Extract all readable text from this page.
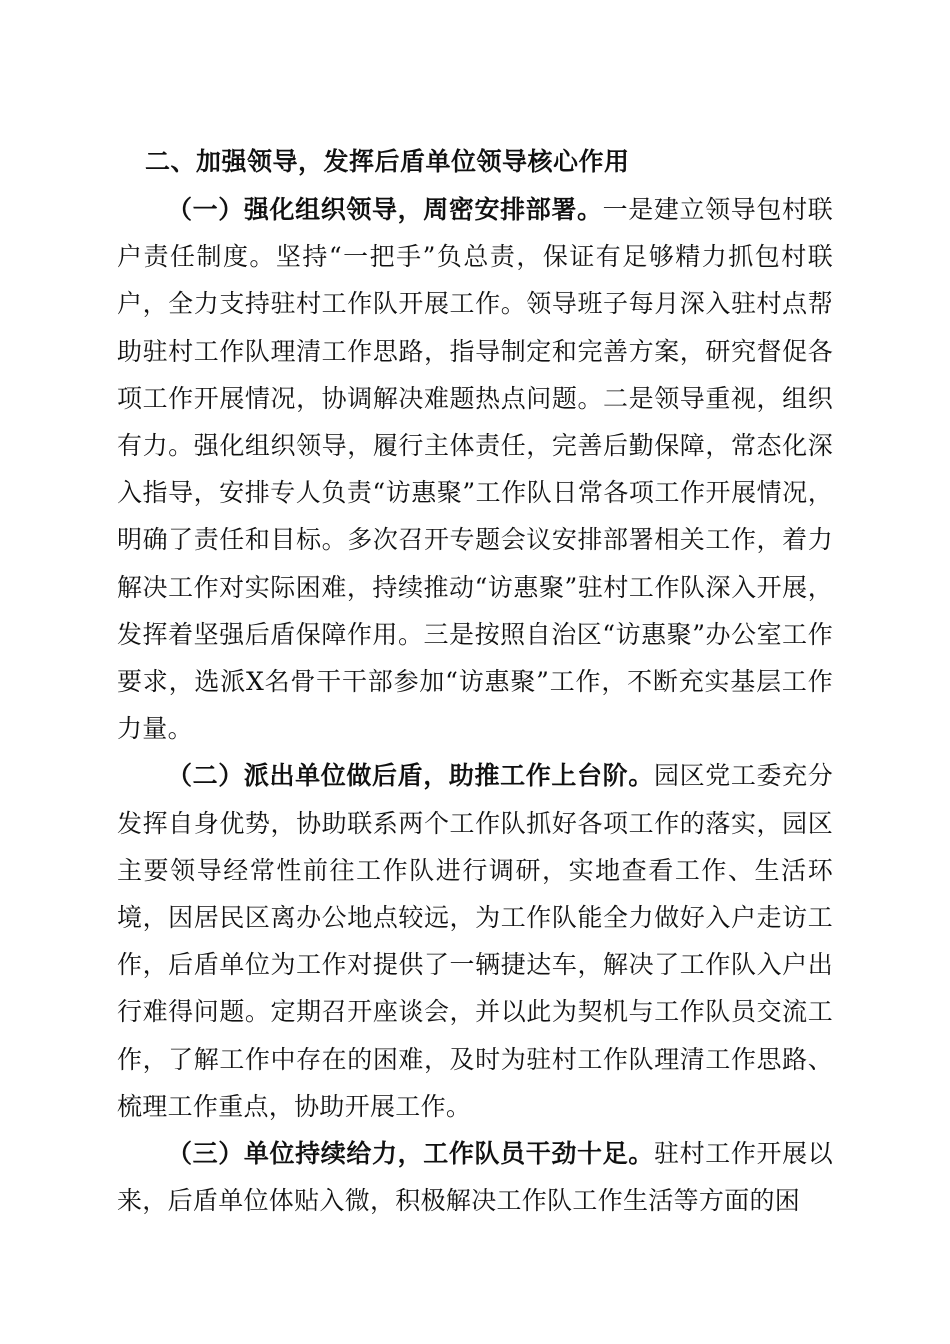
二、加强领导，发挥后盾单位领导核心作用

（一）强化组织领导，周密安排部署。一是建立领导包村联户责任制度。坚持“一把手”负总责，保证有足够精力抓包村联户，全力支持驻村工作队开展工作。领导班子每月深入驻村点帮助驻村工作队理清工作思路，指导制定和完善方案，研究督促各项工作开展情况，协调解决难题热点问题。二是领导重视，组织有力。强化组织领导，履行主体责任，完善后勤保障，常态化深入指导，安排专人负责“访惠聚”工作队日常各项工作开展情况，明确了责任和目标。多次召开专题会议安排部署相关工作，着力解决工作对实际困难，持续推动“访惠聚”驻村工作队深入开展，发挥着坚强后盾保障作用。三是按照自治区“访惠聚”办公室工作要求，选派X名骨干干部参加“访惠聚”工作，不断充实基层工作力量。

（二）派出单位做后盾，助推工作上台阶。园区党工委充分发挥自身优势，协助联系两个工作队抓好各项工作的落实，园区主要领导经常性前往工作队进行调研，实地查看工作、生活环境，因居民区离办公地点较远，为工作队能全力做好入户走访工作，后盾单位为工作对提供了一辆捷达车，解决了工作队入户出行难得问题。定期召开座谈会，并以此为契机与工作队员交流工作，了解工作中存在的困难，及时为驻村工作队理清工作思路、梳理工作重点，协助开展工作。

（三）单位持续给力，工作队员干劲十足。驻村工作开展以来，后盾单位体贴入微，积极解决工作队工作生活等方面的困
